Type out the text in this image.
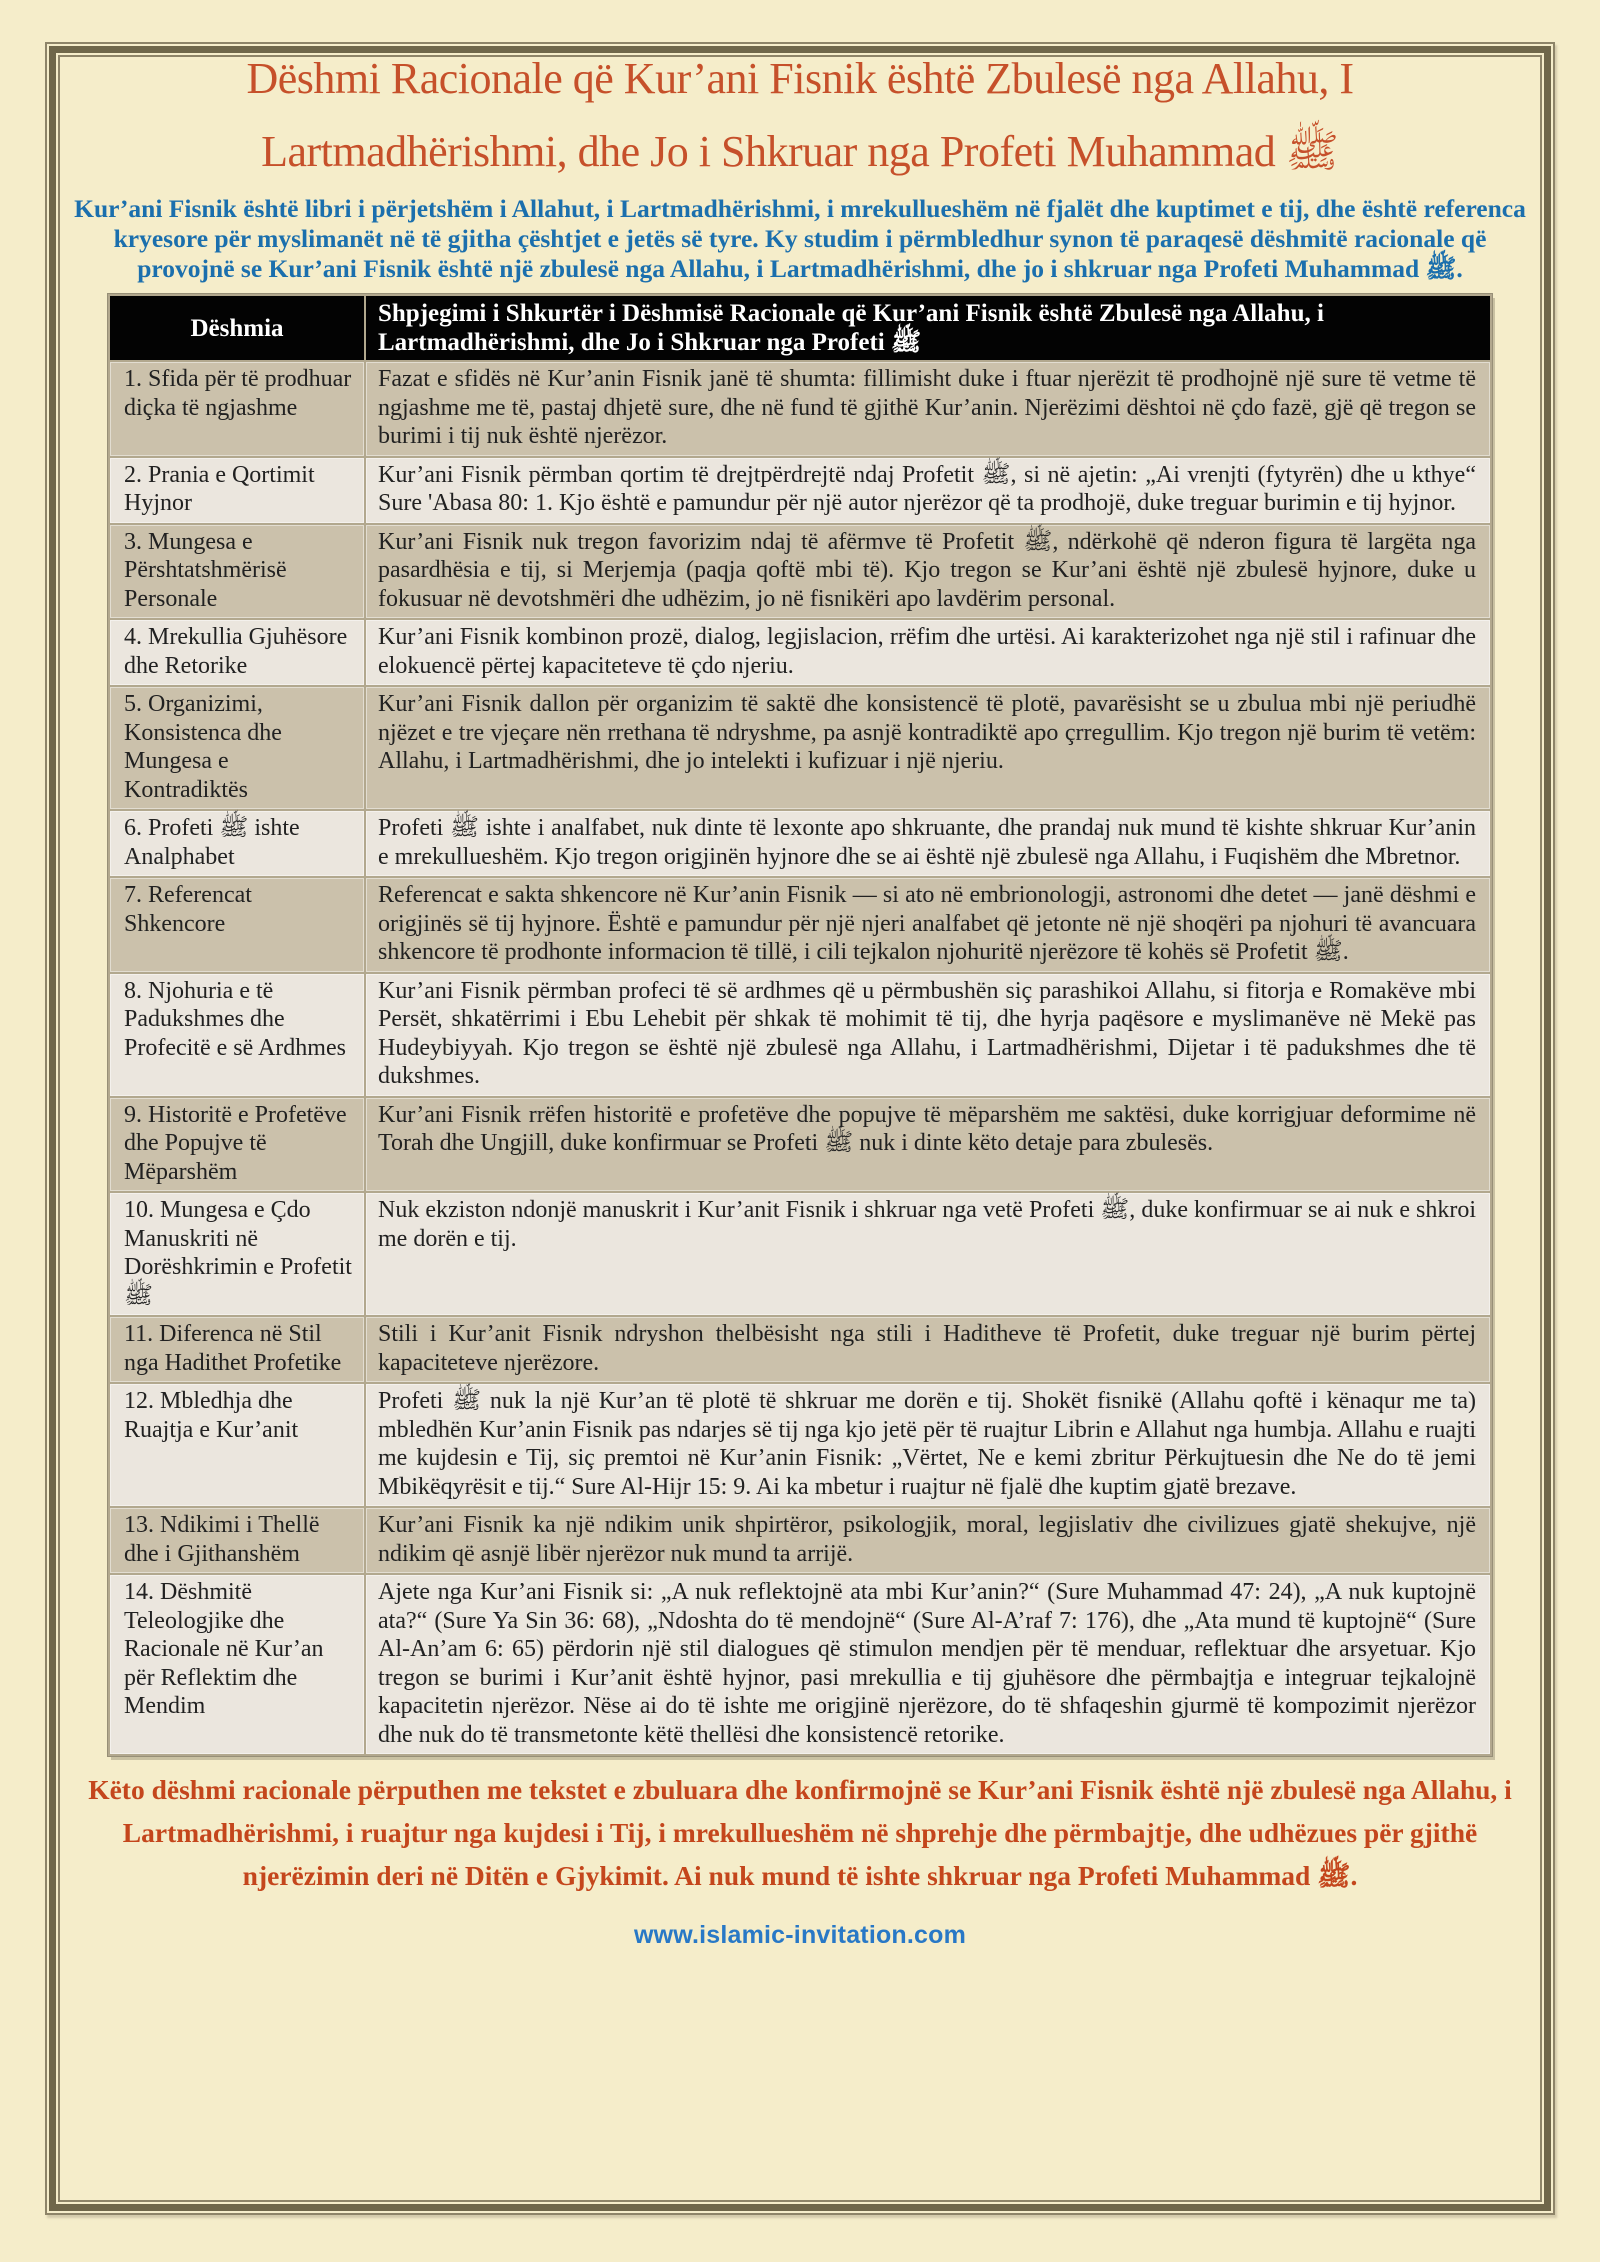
Dëshmi Racionale që Kur’ani Fisnik është Zbulesë nga Allahu, I
Lartmadhërishmi, dhe Jo i Shkruar nga Profeti Muhammad ﷺ

Kur’ani Fisnik është libri i përjetshëm i Allahut, i Lartmadhërishmi, i mrekullueshëm në fjalët dhe kuptimet e tij, dhe është referenca kryesore për myslimanët në të gjitha çështjet e jetës së tyre. Ky studim i përmbledhur synon të paraqesë dëshmitë racionale që provojnë se Kur’ani Fisnik është një zbulesë nga Allahu, i Lartmadhërishmi, dhe jo i shkruar nga Profeti Muhammad ﷺ.

Dëshmia	Shpjegimi i Shkurtër i Dëshmisë Racionale që Kur’ani Fisnik është Zbulesë nga Allahu, i Lartmadhërishmi, dhe Jo i Shkruar nga Profeti ﷺ
1. Sfida për të prodhuar diçka të ngjashme	Fazat e sfidës në Kur’anin Fisnik janë të shumta: fillimisht duke i ftuar njerëzit të prodhojnë një sure të vetme të ngjashme me të, pastaj dhjetë sure, dhe në fund të gjithë Kur’anin. Njerëzimi dështoi në çdo fazë, gjë që tregon se burimi i tij nuk është njerëzor.
2. Prania e Qortimit Hyjnor	Kur’ani Fisnik përmban qortim të drejtpërdrejtë ndaj Profetit ﷺ, si në ajetin: „Ai vrenjti (fytyrën) dhe u kthye“ Sure 'Abasa 80: 1. Kjo është e pamundur për një autor njerëzor që ta prodhojë, duke treguar burimin e tij hyjnor.
3. Mungesa e Përshtatshmërisë Personale	Kur’ani Fisnik nuk tregon favorizim ndaj të afërmve të Profetit ﷺ, ndërkohë që nderon figura të largëta nga pasardhësia e tij, si Merjemja (paqja qoftë mbi të). Kjo tregon se Kur’ani është një zbulesë hyjnore, duke u fokusuar në devotshmëri dhe udhëzim, jo në fisnikëri apo lavdërim personal.
4. Mrekullia Gjuhësore dhe Retorike	Kur’ani Fisnik kombinon prozë, dialog, legjislacion, rrëfim dhe urtësi. Ai karakterizohet nga një stil i rafinuar dhe elokuencë përtej kapaciteteve të çdo njeriu.
5. Organizimi, Konsistenca dhe Mungesa e Kontradiktës	Kur’ani Fisnik dallon për organizim të saktë dhe konsistencë të plotë, pavarësisht se u zbulua mbi një periudhë njëzet e tre vjeçare nën rrethana të ndryshme, pa asnjë kontradiktë apo çrregullim. Kjo tregon një burim të vetëm: Allahu, i Lartmadhërishmi, dhe jo intelekti i kufizuar i një njeriu.
6. Profeti ﷺ ishte Analphabet	Profeti ﷺ ishte i analfabet, nuk dinte të lexonte apo shkruante, dhe prandaj nuk mund të kishte shkruar Kur’anin e mrekullueshëm. Kjo tregon origjinën hyjnore dhe se ai është një zbulesë nga Allahu, i Fuqishëm dhe Mbretnor.
7. Referencat Shkencore	Referencat e sakta shkencore në Kur’anin Fisnik — si ato në embrionologji, astronomi dhe detet — janë dëshmi e origjinës së tij hyjnore. Është e pamundur për një njeri analfabet që jetonte në një shoqëri pa njohuri të avancuara shkencore të prodhonte informacion të tillë, i cili tejkalon njohuritë njerëzore të kohës së Profetit ﷺ.
8. Njohuria e të Padukshmes dhe Profecitë e së Ardhmes	Kur’ani Fisnik përmban profeci të së ardhmes që u përmbushën siç parashikoi Allahu, si fitorja e Romakëve mbi Persët, shkatërrimi i Ebu Lehebit për shkak të mohimit të tij, dhe hyrja paqësore e myslimanëve në Mekë pas Hudeybiyyah. Kjo tregon se është një zbulesë nga Allahu, i Lartmadhërishmi, Dijetar i të padukshmes dhe të dukshmes.
9. Historitë e Profetëve dhe Popujve të Mëparshëm	Kur’ani Fisnik rrëfen historitë e profetëve dhe popujve të mëparshëm me saktësi, duke korrigjuar deformime në Torah dhe Ungjill, duke konfirmuar se Profeti ﷺ nuk i dinte këto detaje para zbulesës.
10. Mungesa e Çdo Manuskriti në Dorëshkrimin e Profetit ﷺ	Nuk ekziston ndonjë manuskrit i Kur’anit Fisnik i shkruar nga vetë Profeti ﷺ, duke konfirmuar se ai nuk e shkroi me dorën e tij.
11. Diferenca në Stil nga Hadithet Profetike	Stili i Kur’anit Fisnik ndryshon thelbësisht nga stili i Haditheve të Profetit, duke treguar një burim përtej kapaciteteve njerëzore.
12. Mbledhja dhe Ruajtja e Kur’anit	Profeti ﷺ nuk la një Kur’an të plotë të shkruar me dorën e tij. Shokët fisnikë (Allahu qoftë i kënaqur me ta) mbledhën Kur’anin Fisnik pas ndarjes së tij nga kjo jetë për të ruajtur Librin e Allahut nga humbja. Allahu e ruajti me kujdesin e Tij, siç premtoi në Kur’anin Fisnik: „Vërtet, Ne e kemi zbritur Përkujtuesin dhe Ne do të jemi Mbikëqyrësit e tij.“ Sure Al-Hijr 15: 9. Ai ka mbetur i ruajtur në fjalë dhe kuptim gjatë brezave.
13. Ndikimi i Thellë dhe i Gjithanshëm	Kur’ani Fisnik ka një ndikim unik shpirtëror, psikologjik, moral, legjislativ dhe civilizues gjatë shekujve, një ndikim që asnjë libër njerëzor nuk mund ta arrijë.
14. Dëshmitë Teleologjike dhe Racionale në Kur’an për Reflektim dhe Mendim	Ajete nga Kur’ani Fisnik si: „A nuk reflektojnë ata mbi Kur’anin?“ (Sure Muhammad 47: 24), „A nuk kuptojnë ata?“ (Sure Ya Sin 36: 68), „Ndoshta do të mendojnë“ (Sure Al-A’raf 7: 176), dhe „Ata mund të kuptojnë“ (Sure Al-An’am 6: 65) përdorin një stil dialogues që stimulon mendjen për të menduar, reflektuar dhe arsyetuar. Kjo tregon se burimi i Kur’anit është hyjnor, pasi mrekullia e tij gjuhësore dhe përmbajtja e integruar tejkalojnë kapacitetin njerëzor. Nëse ai do të ishte me origjinë njerëzore, do të shfaqeshin gjurmë të kompozimit njerëzor dhe nuk do të transmetonte këtë thellësi dhe konsistencë retorike.

Këto dëshmi racionale përputhen me tekstet e zbuluara dhe konfirmojnë se Kur’ani Fisnik është një zbulesë nga Allahu, i Lartmadhërishmi, i ruajtur nga kujdesi i Tij, i mrekullueshëm në shprehje dhe përmbajtje, dhe udhëzues për gjithë njerëzimin deri në Ditën e Gjykimit. Ai nuk mund të ishte shkruar nga Profeti Muhammad ﷺ.

www.islamic-invitation.com
